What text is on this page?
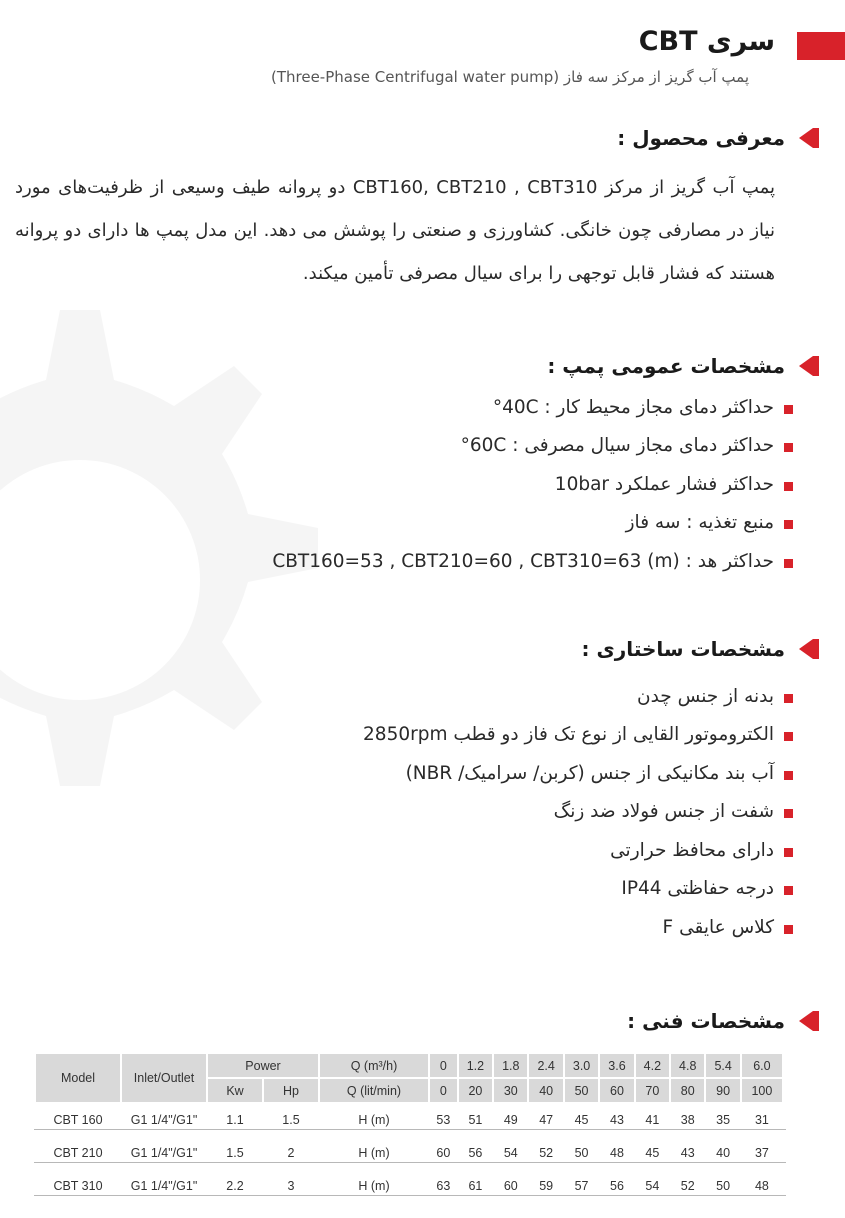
سری CBT
پمپ آب گریز از مرکز سه فاز (Three-Phase Centrifugal water pump)
معرفی محصول :

پمپ آب گریز از مرکز CBT160, CBT210 , CBT310 دو پروانه طیف وسیعی از ظرفیت‌های مورد نیاز در مصارفی چون خانگی. کشاورزی و صنعتی را پوشش می دهد. این مدل پمپ ها دارای دو پروانه هستند که فشار قابل توجهی را برای سیال مصرفی تأمین میکند.

مشخصات عمومی پمپ :
حداکثر دمای مجاز محیط کار : 40C°
حداکثر دمای مجاز سیال مصرفی : 60C°
حداکثر فشار عملکرد 10bar
منبع تغذیه : سه فاز
حداکثر هد : (m) CBT160=53 , CBT210=60 , CBT310=63
مشخصات ساختاری :
بدنه از جنس چدن
الکتروموتور القایی از نوع تک فاز دو قطب 2850rpm
آب بند مکانیکی از جنس (کربن/ سرامیک/ NBR)
شفت از جنس فولاد ضد زنگ
دارای محافظ حرارتی
درجه حفاظتی IP44
کلاس عایقی F
مشخصات فنی :
Model	Inlet/Outlet	Power		Q (m³/h)	0	1.2	1.8	2.4	3.0	3.6	4.2	4.8	5.4	6.0
		Kw	Hp	Q (lit/min)	0	20	30	40	50	60	70	80	90	100
CBT 160	G1 1/4"/G1"	1.1	1.5	H (m)	53	51	49	47	45	43	41	38	35	31
CBT 210	G1 1/4"/G1"	1.5	2	H (m)	60	56	54	52	50	48	45	43	40	37
CBT 310	G1 1/4"/G1"	2.2	3	H (m)	63	61	60	59	57	56	54	52	50	48
